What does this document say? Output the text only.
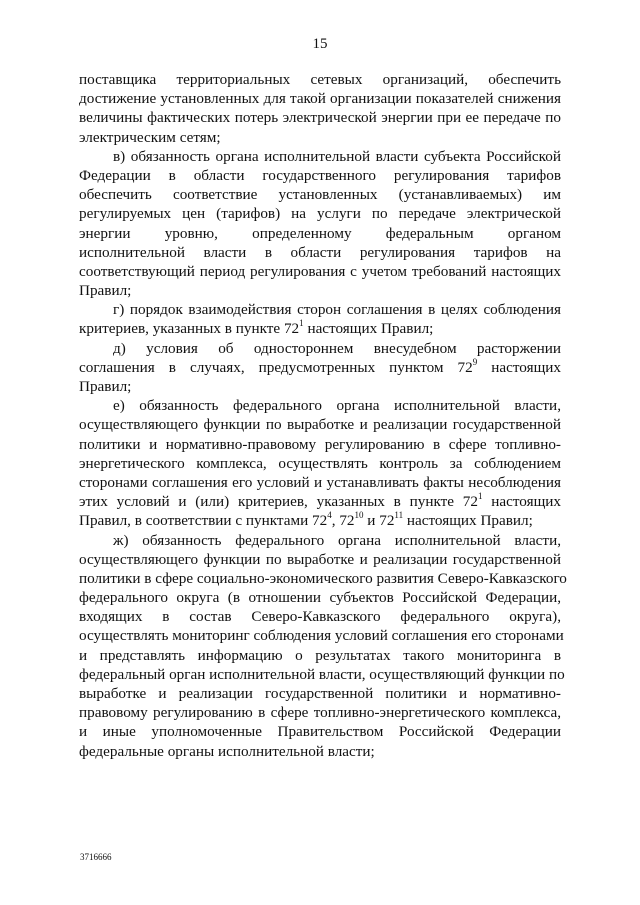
15
поставщика территориальных сетевых организаций, обеспечить
достижение установленных для такой организации показателей снижения
величины фактических потерь электрической энергии при ее передаче по
электрическим сетям;
в) обязанность органа исполнительной власти субъекта Российской
Федерации в области государственного регулирования тарифов
обеспечить соответствие установленных (устанавливаемых) им
регулируемых цен (тарифов) на услуги по передаче электрической
энергии уровню, определенному федеральным органом
исполнительной власти в области регулирования тарифов на
соответствующий период регулирования с учетом требований настоящих
Правил;
г) порядок взаимодействия сторон соглашения в целях соблюдения
критериев, указанных в пункте $72^1$ настоящих Правил;
д) условия об одностороннем внесудебном расторжении
соглашения в случаях, предусмотренных пунктом $72^9$ настоящих
Правил;
е) обязанность федерального органа исполнительной власти,
осуществляющего функции по выработке и реализации государственной
политики и нормативно-правовому регулированию в сфере топливно-
энергетического комплекса, осуществлять контроль за соблюдением
сторонами соглашения его условий и устанавливать факты несоблюдения
этих условий и (или) критериев, указанных в пункте $72^1$ настоящих
Правил, в соответствии с пунктами $72^4$, $72^{10}$ и $72^{11}$ настоящих Правил;
ж) обязанность федерального органа исполнительной власти,
осуществляющего функции по выработке и реализации государственной
политики в сфере социально-экономического развития Северо-Кавказского
федерального округа (в отношении субъектов Российской Федерации,
входящих в состав Северо-Кавказского федерального округа),
осуществлять мониторинг соблюдения условий соглашения его сторонами
и представлять информацию о результатах такого мониторинга в
федеральный орган исполнительной власти, осуществляющий функции по
выработке и реализации государственной политики и нормативно-
правовому регулированию в сфере топливно-энергетического комплекса,
и иные уполномоченные Правительством Российской Федерации
федеральные органы исполнительной власти;
3716666
